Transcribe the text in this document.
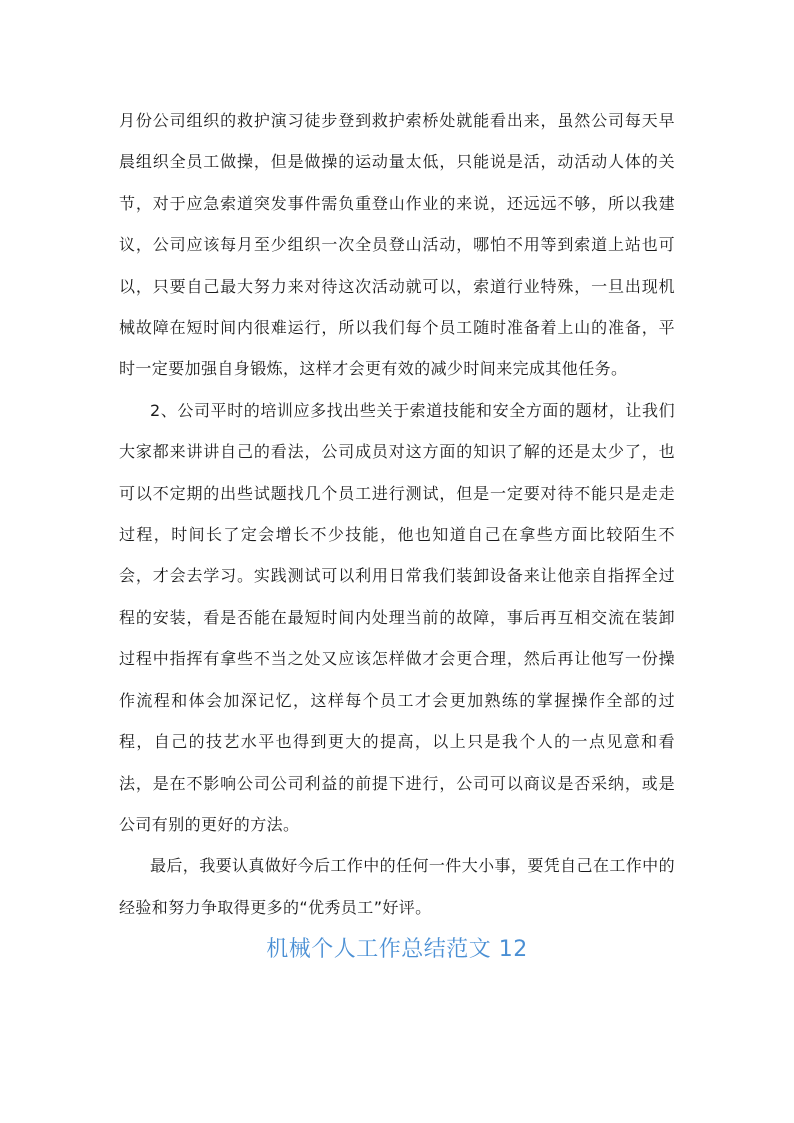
月份公司组织的救护演习徒步登到救护索桥处就能看出来，虽然公司每天早晨组织全员工做操，但是做操的运动量太低，只能说是活，动活动人体的关节，对于应急索道突发事件需负重登山作业的来说，还远远不够，所以我建议，公司应该每月至少组织一次全员登山活动，哪怕不用等到索道上站也可以，只要自己最大努力来对待这次活动就可以，索道行业特殊，一旦出现机械故障在短时间内很难运行，所以我们每个员工随时准备着上山的准备，平时一定要加强自身锻炼，这样才会更有效的减少时间来完成其他任务。

2、公司平时的培训应多找出些关于索道技能和安全方面的题材，让我们大家都来讲讲自己的看法，公司成员对这方面的知识了解的还是太少了，也可以不定期的出些试题找几个员工进行测试，但是一定要对待不能只是走走过程，时间长了定会增长不少技能，他也知道自己在拿些方面比较陌生不会，才会去学习。实践测试可以利用日常我们装卸设备来让他亲自指挥全过程的安装，看是否能在最短时间内处理当前的故障，事后再互相交流在装卸过程中指挥有拿些不当之处又应该怎样做才会更合理，然后再让他写一份操作流程和体会加深记忆，这样每个员工才会更加熟练的掌握操作全部的过程，自己的技艺水平也得到更大的提高，以上只是我个人的一点见意和看法，是在不影响公司公司利益的前提下进行，公司可以商议是否采纳，或是公司有别的更好的方法。

最后，我要认真做好今后工作中的任何一件大小事，要凭自己在工作中的经验和努力争取得更多的“优秀员工”好评。

机械个人工作总结范文 12
